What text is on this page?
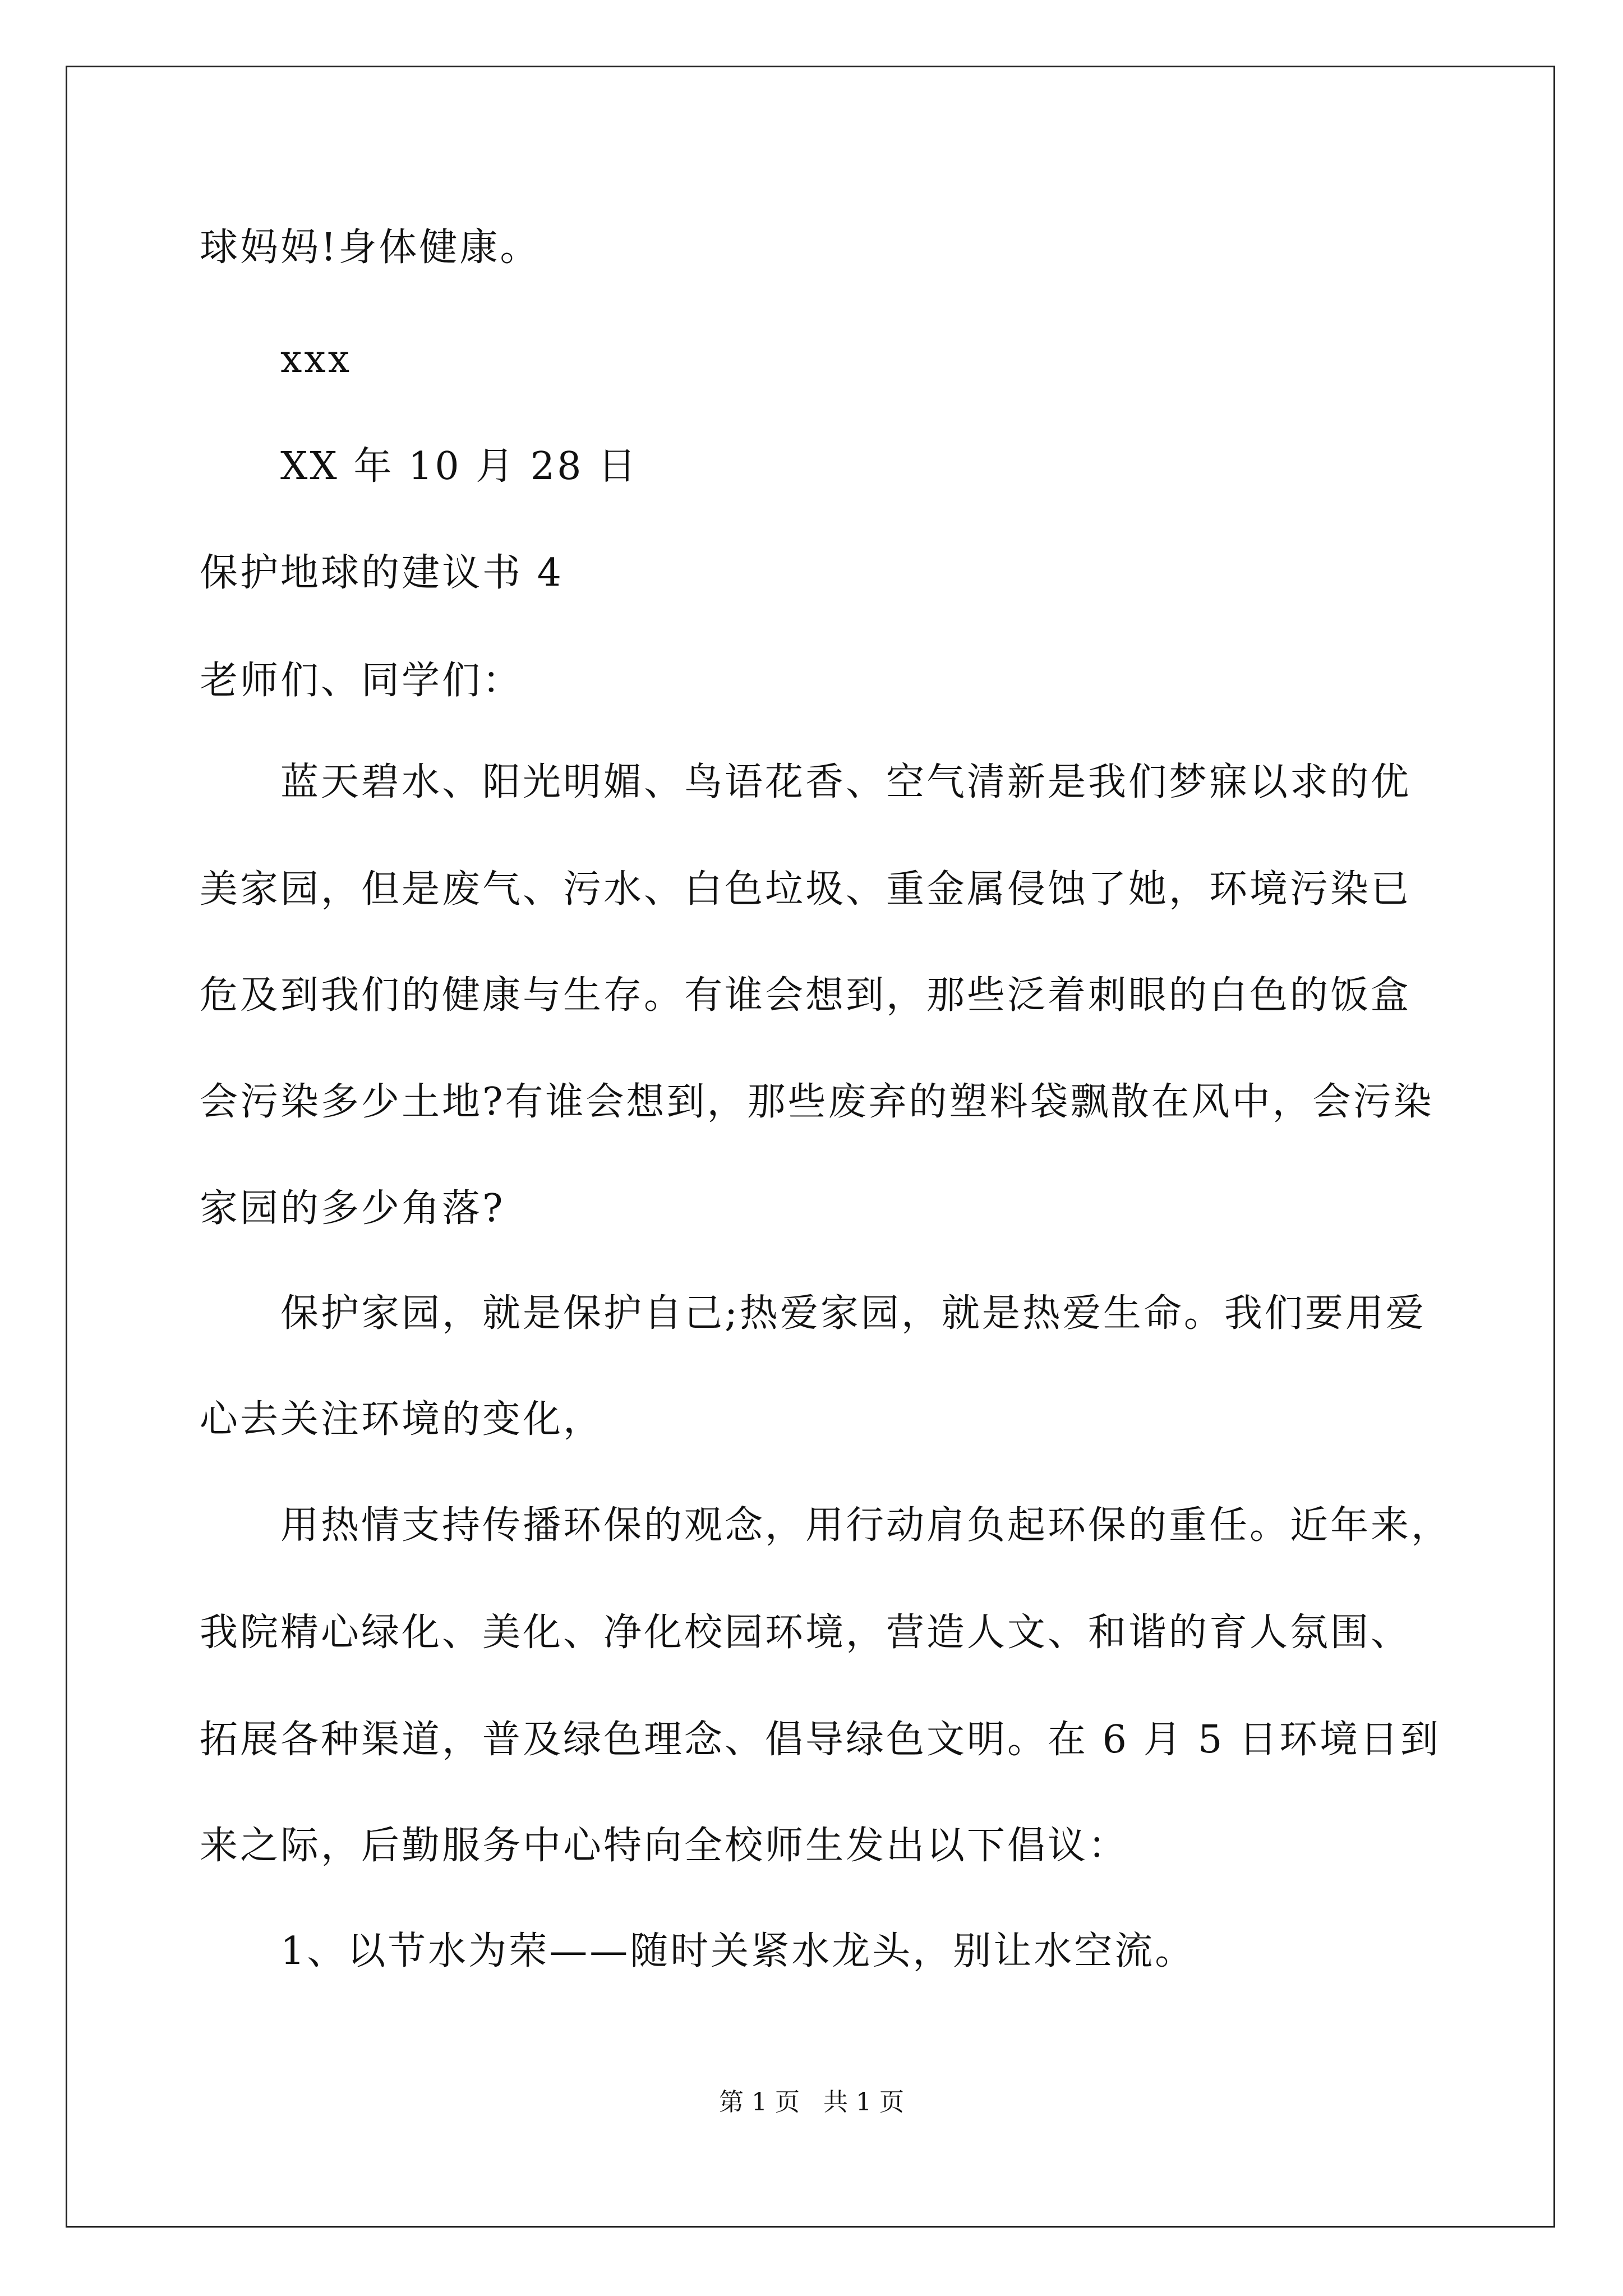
球妈妈!身体健康。
xxx
XX 年 10 月 28 日
保护地球的建议书 4
老师们、同学们：
蓝天碧水、阳光明媚、鸟语花香、空气清新是我们梦寐以求的优
美家园，但是废气、污水、白色垃圾、重金属侵蚀了她，环境污染已
危及到我们的健康与生存。有谁会想到，那些泛着刺眼的白色的饭盒
会污染多少土地?有谁会想到，那些废弃的塑料袋飘散在风中，会污染
家园的多少角落?
保护家园，就是保护自己;热爱家园，就是热爱生命。我们要用爱
心去关注环境的变化，
用热情支持传播环保的观念，用行动肩负起环保的重任。近年来，
我院精心绿化、美化、净化校园环境，营造人文、和谐的育人氛围、
拓展各种渠道，普及绿色理念、倡导绿色文明。在 6 月 5 日环境日到
来之际，后勤服务中心特向全校师生发出以下倡议：
1、以节水为荣——随时关紧水龙头，别让水空流。
第 1 页   共 1 页
